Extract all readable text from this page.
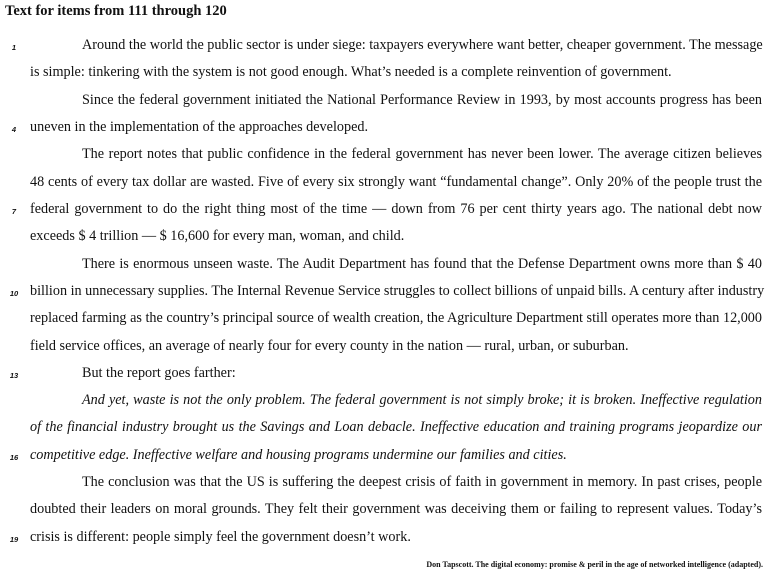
Text for items from 111 through 120
Around the world the public sector is under siege: taxpayers everywhere want better, cheaper government. The message
is simple: tinkering with the system is not good enough. What’s needed is a complete reinvention of government.
Since the federal government initiated the National Performance Review in 1993, by most accounts progress has been
uneven in the implementation of the approaches developed.
The report notes that public confidence in the federal government has never been lower. The average citizen believes
48 cents of every tax dollar are wasted. Five of every six strongly want “fundamental change”. Only 20% of the people trust the
federal government to do the right thing most of the time — down from 76 per cent thirty years ago. The national debt now
exceeds $ 4 trillion — $ 16,600 for every man, woman, and child.
There is enormous unseen waste. The Audit Department has found that the Defense Department owns more than $ 40
billion in unnecessary supplies. The Internal Revenue Service struggles to collect billions of unpaid bills. A century after industry
replaced farming as the country’s principal source of wealth creation, the Agriculture Department still operates more than 12,000
field service offices, an average of nearly four for every county in the nation — rural, urban, or suburban.
But the report goes farther:
And yet, waste is not the only problem. The federal government is not simply broke; it is broken. Ineffective regulation
of the financial industry brought us the Savings and Loan debacle. Ineffective education and training programs jeopardize our
competitive edge. Ineffective welfare and housing programs undermine our families and cities.
The conclusion was that the US is suffering the deepest crisis of faith in government in memory. In past crises, people
doubted their leaders on moral grounds. They felt their government was deceiving them or failing to represent values. Today’s
crisis is different: people simply feel the government doesn’t work.
1
4
7
10
13
16
19
Don Tapscott. The digital economy: promise & peril in the age of networked intelligence (adapted).
